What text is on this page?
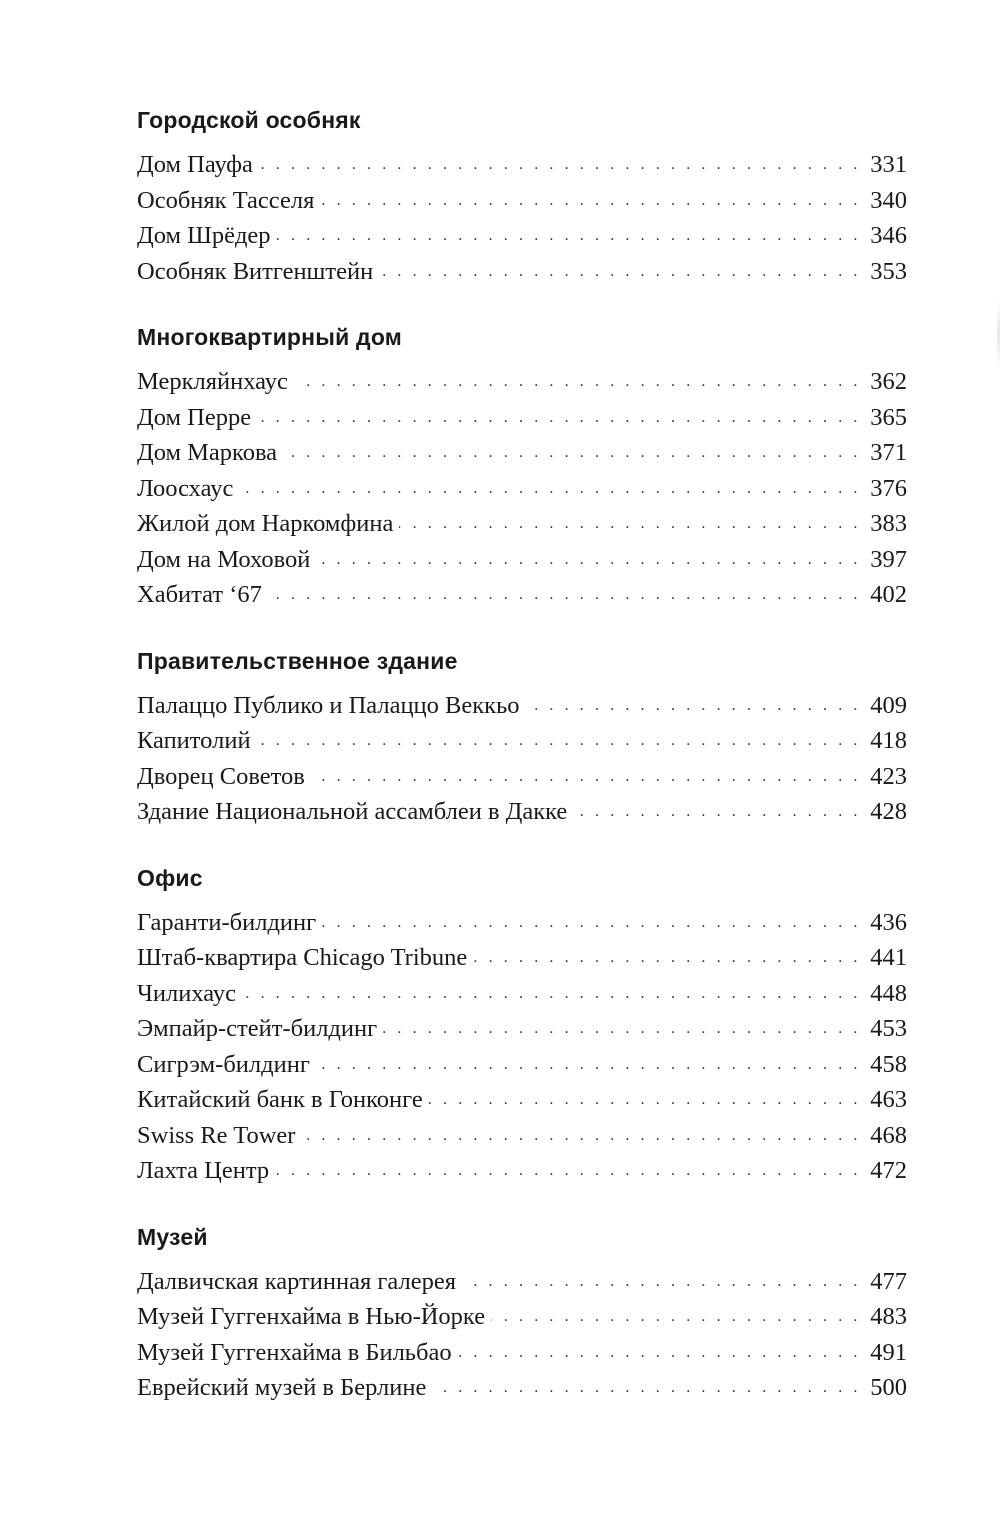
Городской особняк
Дом Пауфа . . .	331
Особняк Тасселя . . .	340
Дом Шрёдер . . .	346
Особняк Витгенштейн . . .	353
Многоквартирный дом
Меркляйнхаус . . .	362
Дом Перре . . .	365
Дом Маркова . . .	371
Лоосхаус . . .	376
Жилой дом Наркомфина . . .	383
Дом на Моховой . . .	397
Хабитат ‘67 . . .	402
Правительственное здание
Палаццо Публико и Палаццо Веккьо . . .	409
Капитолий . . .	418
Дворец Советов . . .	423
Здание Национальной ассамблеи в Дакке . . .	428
Офис
Гаранти-билдинг . . .	436
Штаб-квартира Chicago Tribune . . .	441
Чилихаус . . .	448
Эмпайр-стейт-билдинг . . .	453
Сигрэм-билдинг . . .	458
Китайский банк в Гонконге . . .	463
Swiss Re Tower . . .	468
Лахта Центр . . .	472
Музей
Далвичская картинная галерея . . .	477
Музей Гуггенхайма в Нью-Йорке . . .	483
Музей Гуггенхайма в Бильбао . . .	491
Еврейский музей в Берлине . . .	500
